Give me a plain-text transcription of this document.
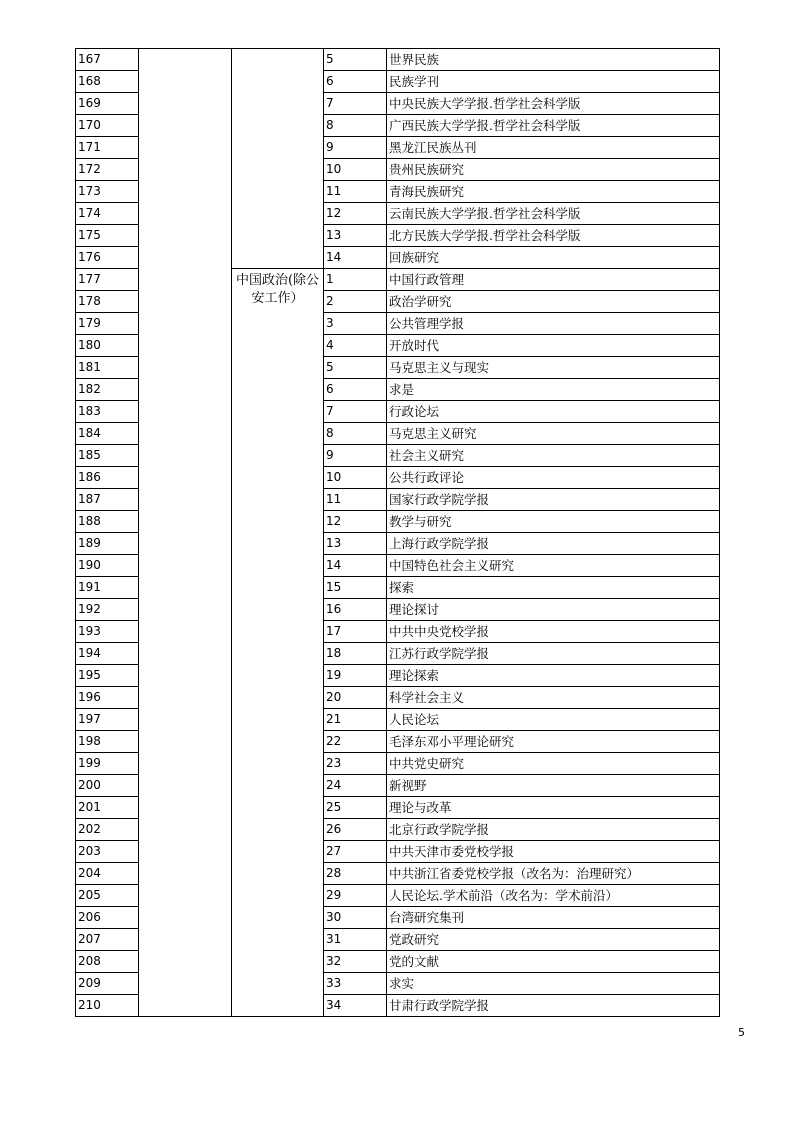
167			5	世界民族
168			6	民族学刊
169			7	中央民族大学学报.哲学社会科学版
170			8	广西民族大学学报.哲学社会科学版
171			9	黑龙江民族丛刊
172			10	贵州民族研究
173			11	青海民族研究
174			12	云南民族大学学报.哲学社会科学版
175			13	北方民族大学学报.哲学社会科学版
176			14	回族研究
177		中国政治(除公安工作）	1	中国行政管理
178			2	政治学研究
179			3	公共管理学报
180			4	开放时代
181			5	马克思主义与现实
182			6	求是
183			7	行政论坛
184			8	马克思主义研究
185			9	社会主义研究
186			10	公共行政评论
187			11	国家行政学院学报
188			12	教学与研究
189			13	上海行政学院学报
190			14	中国特色社会主义研究
191			15	探索
192			16	理论探讨
193			17	中共中央党校学报
194			18	江苏行政学院学报
195			19	理论探索
196			20	科学社会主义
197			21	人民论坛
198			22	毛泽东邓小平理论研究
199			23	中共党史研究
200			24	新视野
201			25	理论与改革
202			26	北京行政学院学报
203			27	中共天津市委党校学报
204			28	中共浙江省委党校学报（改名为：治理研究）
205			29	人民论坛.学术前沿（改名为：学术前沿）
206			30	台湾研究集刊
207			31	党政研究
208			32	党的文献
209			33	求实
210			34	甘肃行政学院学报
5
